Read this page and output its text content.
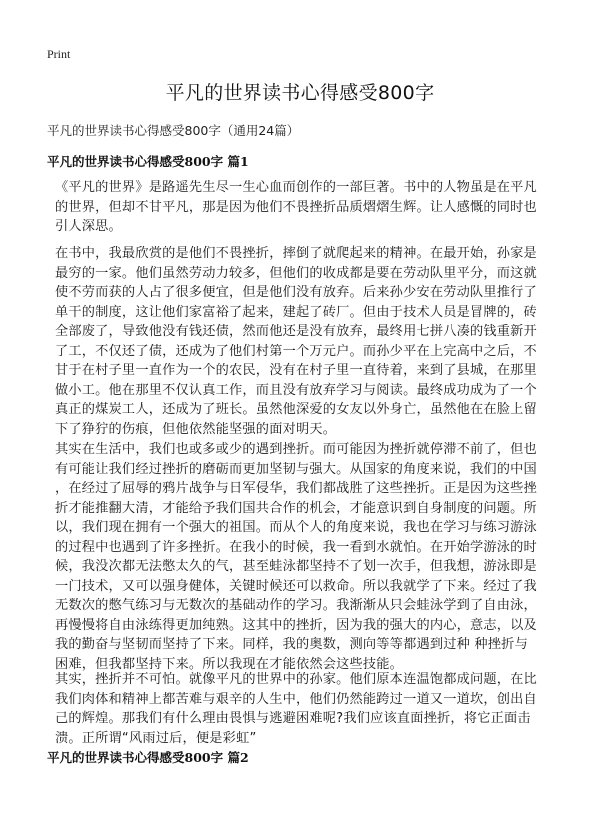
Print
平凡的世界读书心得感受800字
平凡的世界读书心得感受800字（通用24篇）
平凡的世界读书心得感受800字 篇1
《平凡的世界》是路遥先生尽一生心血而创作的一部巨著。书中的人物虽是在平凡
的世界，但却不甘平凡，那是因为他们不畏挫折品质熠熠生辉。让人感慨的同时也
引人深思。
在书中，我最欣赏的是他们不畏挫折，摔倒了就爬起来的精神。在最开始，孙家是
最穷的一家。他们虽然劳动力较多，但他们的收成都是要在劳动队里平分，而这就
使不劳而获的人占了很多便宜，但是他们没有放弃。后来孙少安在劳动队里推行了
单干的制度，这让他们家富裕了起来，建起了砖厂。但由于技术人员是冒牌的，砖
全部废了，导致他没有钱还债，然而他还是没有放弃，最终用七拼八凑的钱重新开
了工，不仅还了债，还成为了他们村第一个万元户。而孙少平在上完高中之后，不
甘于在村子里一直作为一个的农民，没有在村子里一直待着，来到了县城，在那里
做小工。他在那里不仅认真工作，而且没有放弃学习与阅读。最终成功成为了一个
真正的煤炭工人，还成为了班长。虽然他深爱的女友以外身亡，虽然他在在脸上留
下了狰狞的伤痕，但他依然能坚强的面对明天。
其实在生活中，我们也或多或少的遇到挫折。而可能因为挫折就停滞不前了，但也
有可能让我们经过挫折的磨砺而更加坚韧与强大。从国家的角度来说，我们的中国
，在经过了屈辱的鸦片战争与日军侵华，我们都战胜了这些挫折。正是因为这些挫
折才能推翻大清，才能给予我们国共合作的机会，才能意识到自身制度的问题。所
以，我们现在拥有一个强大的祖国。而从个人的角度来说，我也在学习与练习游泳
的过程中也遇到了许多挫折。在我小的时候，我一看到水就怕。在开始学游泳的时
候，我没次都无法憋太久的气，甚至蛙泳都坚持不了划一次手，但我想，游泳即是
一门技术，又可以强身健体，关键时候还可以救命。所以我就学了下来。经过了我
无数次的憋气练习与无数次的基础动作的学习。我渐渐从只会蛙泳学到了自由泳，
再慢慢将自由泳练得更加纯熟。这其中的挫折，因为我的强大的内心，意志，以及
我的勤奋与坚韧而坚持了下来。同样，我的奥数，测向等等都遇到过种 种挫折与
困难，但我都坚持下来。所以我现在才能依然会这些技能。
其实，挫折并不可怕。就像平凡的世界中的孙家。他们原本连温饱都成问题，在比
我们肉体和精神上都苦难与艰辛的人生中，他们仍然能跨过一道又一道坎，创出自
己的辉煌。那我们有什么理由畏惧与逃避困难呢?我们应该直面挫折，将它正面击
溃。正所谓“风雨过后，便是彩虹”
平凡的世界读书心得感受800字 篇2
